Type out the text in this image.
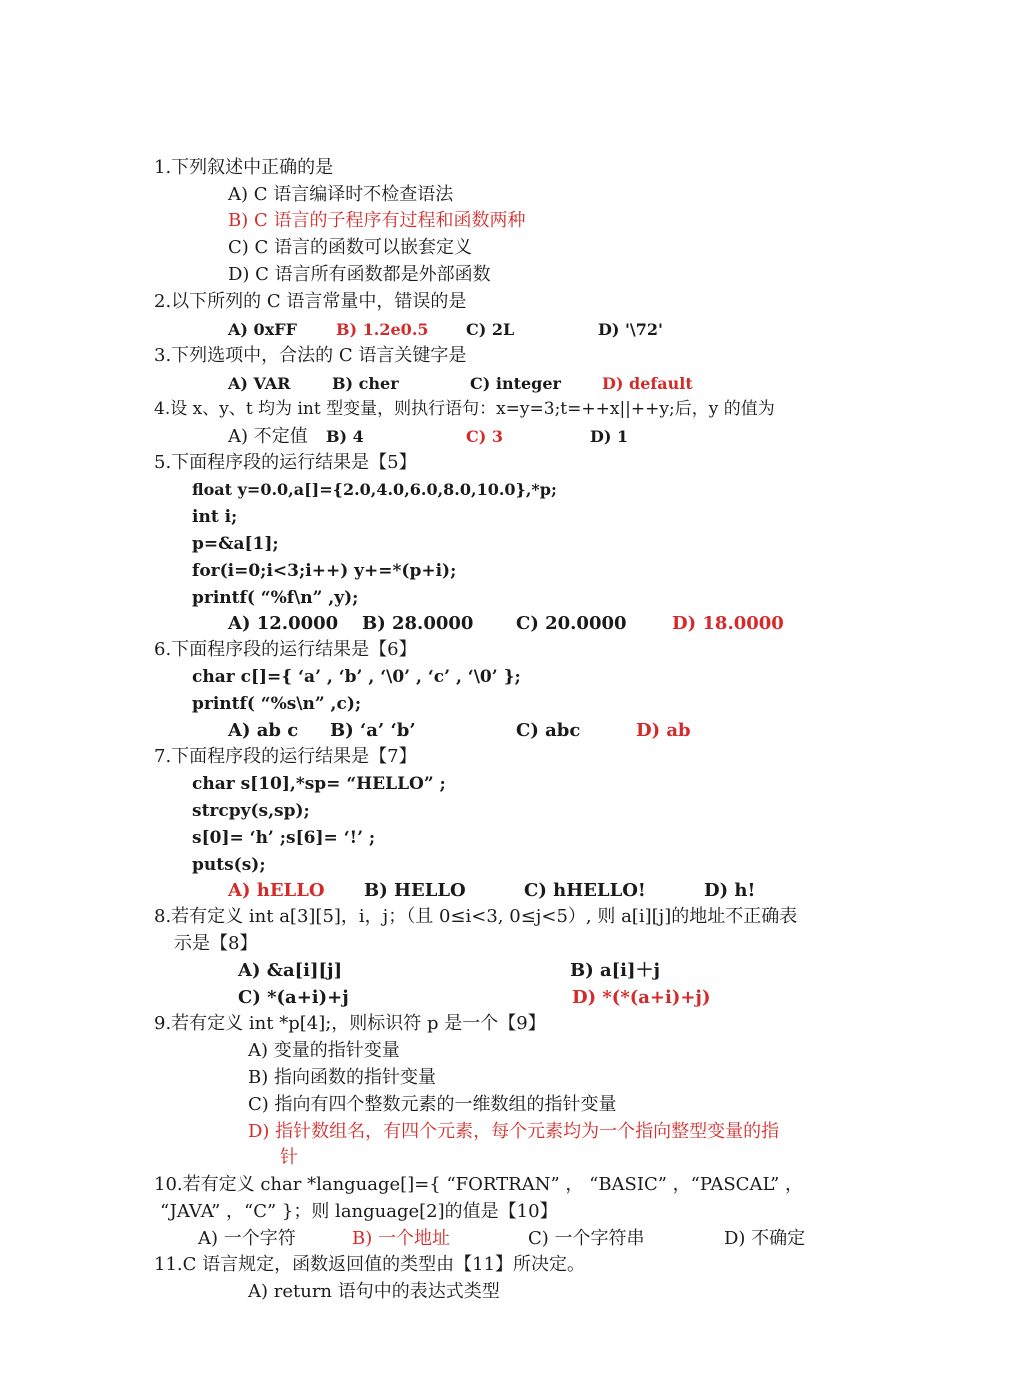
1.下列叙述中正确的是
A) C 语言编译时不检查语法
B) C 语言的子程序有过程和函数两种
C) C 语言的函数可以嵌套定义
D) C 语言所有函数都是外部函数
2.以下所列的 C 语言常量中，错误的是
A) 0xFF B) 1.2e0.5 C) 2L	D) '\72'
3.下列选项中，合法的 C 语言关键字是
A) VAR	B) cher	C) integer	D) default
4.设 x、y、t 均为 int 型变量，则执行语句：x=y=3;t=++x||++y;后，y 的值为
A) 不定值 B) 4	C) 3	D) 1
5.下面程序段的运行结果是【5】
float y=0.0,a[]={2.0,4.0,6.0,8.0,10.0},*p;
int i;
p=&a[1];
for(i=0;i<3;i++) y+=*(p+i);
printf( “%f\n” ,y);
A) 12.0000 B) 28.0000 C) 20.0000	D) 18.0000
6.下面程序段的运行结果是【6】
char c[]={ ‘a’ , ‘b’ , ‘\0’ , ‘c’ , ‘\0’ };
printf( “%s\n” ,c);
A) ab c B) ‘a’ ‘b’	C) abc	D) ab
7.下面程序段的运行结果是【7】
char s[10],*sp= “HELLO” ;
strcpy(s,sp);
s[0]= ‘h’ ;s[6]= ‘!’ ;
puts(s);
A) hELLO B) HELLO	C) hHELLO!	D) h!
8.若有定义 int a[3][5]，i，j；（且 0≤i<3, 0≤j<5）, 则 a[i][j]的地址不正确表
示是【8】
A) &a[i][j]	B) a[i]＋j
C) *(a+i)+j	D) *(*(a+i)+j)
9.若有定义 int *p[4];，则标识符 p 是一个【9】
A) 变量的指针变量
B) 指向函数的指针变量
C) 指向有四个整数元素的一维数组的指针变量
D) 指针数组名，有四个元素，每个元素均为一个指向整型变量的指
针
10.若有定义 char *language[]={ “FORTRAN” ， “BASIC” ，“PASCAL” ，
“JAVA” ，“C” }；则 language[2]的值是【10】
A) 一个字符	B) 一个地址	C) 一个字符串	D) 不确定
11.C 语言规定，函数返回值的类型由【11】所决定。
A) return 语句中的表达式类型
